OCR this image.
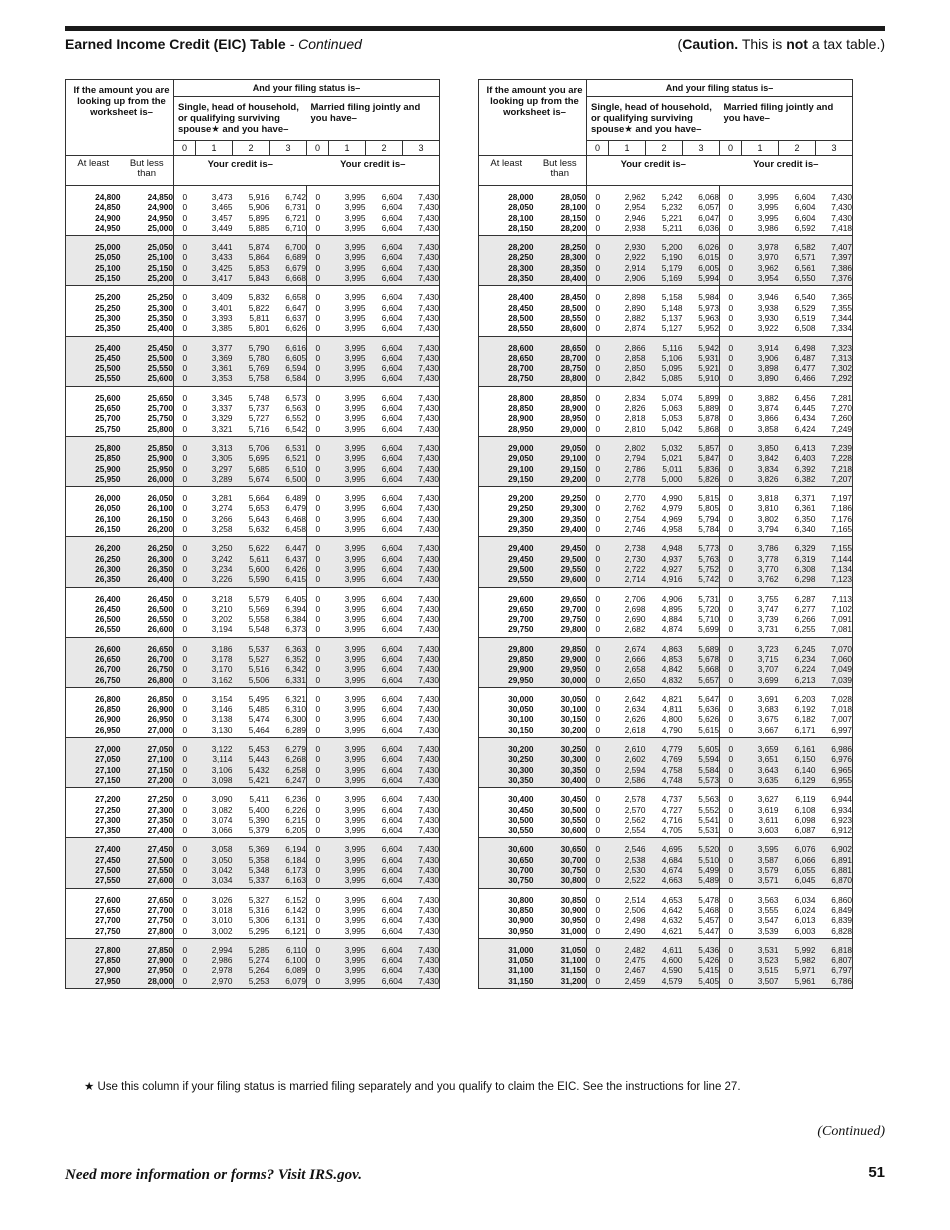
Earned Income Credit (EIC) Table - Continued	(Caution. This is not a tax table.)
If the amount you are looking up from the worksheet is–		And your filing status is–							
		Single, head of household, or qualifying surviving spouse★ and you have–				Married filing jointly and you have–			
		0	1	2	3	0	1	2	3
At least	But less than	Your credit is–				Your credit is–			
24,800	24,850	0	3,473	5,916	6,742	0	3,995	6,604	7,430
24,850	24,900	0	3,465	5,906	6,731	0	3,995	6,604	7,430
24,900	24,950	0	3,457	5,895	6,721	0	3,995	6,604	7,430
24,950	25,000	0	3,449	5,885	6,710	0	3,995	6,604	7,430
25,000	25,050	0	3,441	5,874	6,700	0	3,995	6,604	7,430
25,050	25,100	0	3,433	5,864	6,689	0	3,995	6,604	7,430
25,100	25,150	0	3,425	5,853	6,679	0	3,995	6,604	7,430
25,150	25,200	0	3,417	5,843	6,668	0	3,995	6,604	7,430
25,200	25,250	0	3,409	5,832	6,658	0	3,995	6,604	7,430
25,250	25,300	0	3,401	5,822	6,647	0	3,995	6,604	7,430
25,300	25,350	0	3,393	5,811	6,637	0	3,995	6,604	7,430
25,350	25,400	0	3,385	5,801	6,626	0	3,995	6,604	7,430
25,400	25,450	0	3,377	5,790	6,616	0	3,995	6,604	7,430
25,450	25,500	0	3,369	5,780	6,605	0	3,995	6,604	7,430
25,500	25,550	0	3,361	5,769	6,594	0	3,995	6,604	7,430
25,550	25,600	0	3,353	5,758	6,584	0	3,995	6,604	7,430
25,600	25,650	0	3,345	5,748	6,573	0	3,995	6,604	7,430
25,650	25,700	0	3,337	5,737	6,563	0	3,995	6,604	7,430
25,700	25,750	0	3,329	5,727	6,552	0	3,995	6,604	7,430
25,750	25,800	0	3,321	5,716	6,542	0	3,995	6,604	7,430
25,800	25,850	0	3,313	5,706	6,531	0	3,995	6,604	7,430
25,850	25,900	0	3,305	5,695	6,521	0	3,995	6,604	7,430
25,900	25,950	0	3,297	5,685	6,510	0	3,995	6,604	7,430
25,950	26,000	0	3,289	5,674	6,500	0	3,995	6,604	7,430
26,000	26,050	0	3,281	5,664	6,489	0	3,995	6,604	7,430
26,050	26,100	0	3,274	5,653	6,479	0	3,995	6,604	7,430
26,100	26,150	0	3,266	5,643	6,468	0	3,995	6,604	7,430
26,150	26,200	0	3,258	5,632	6,458	0	3,995	6,604	7,430
26,200	26,250	0	3,250	5,622	6,447	0	3,995	6,604	7,430
26,250	26,300	0	3,242	5,611	6,437	0	3,995	6,604	7,430
26,300	26,350	0	3,234	5,600	6,426	0	3,995	6,604	7,430
26,350	26,400	0	3,226	5,590	6,415	0	3,995	6,604	7,430
26,400	26,450	0	3,218	5,579	6,405	0	3,995	6,604	7,430
26,450	26,500	0	3,210	5,569	6,394	0	3,995	6,604	7,430
26,500	26,550	0	3,202	5,558	6,384	0	3,995	6,604	7,430
26,550	26,600	0	3,194	5,548	6,373	0	3,995	6,604	7,430
26,600	26,650	0	3,186	5,537	6,363	0	3,995	6,604	7,430
26,650	26,700	0	3,178	5,527	6,352	0	3,995	6,604	7,430
26,700	26,750	0	3,170	5,516	6,342	0	3,995	6,604	7,430
26,750	26,800	0	3,162	5,506	6,331	0	3,995	6,604	7,430
26,800	26,850	0	3,154	5,495	6,321	0	3,995	6,604	7,430
26,850	26,900	0	3,146	5,485	6,310	0	3,995	6,604	7,430
26,900	26,950	0	3,138	5,474	6,300	0	3,995	6,604	7,430
26,950	27,000	0	3,130	5,464	6,289	0	3,995	6,604	7,430
27,000	27,050	0	3,122	5,453	6,279	0	3,995	6,604	7,430
27,050	27,100	0	3,114	5,443	6,268	0	3,995	6,604	7,430
27,100	27,150	0	3,106	5,432	6,258	0	3,995	6,604	7,430
27,150	27,200	0	3,098	5,421	6,247	0	3,995	6,604	7,430
27,200	27,250	0	3,090	5,411	6,236	0	3,995	6,604	7,430
27,250	27,300	0	3,082	5,400	6,226	0	3,995	6,604	7,430
27,300	27,350	0	3,074	5,390	6,215	0	3,995	6,604	7,430
27,350	27,400	0	3,066	5,379	6,205	0	3,995	6,604	7,430
27,400	27,450	0	3,058	5,369	6,194	0	3,995	6,604	7,430
27,450	27,500	0	3,050	5,358	6,184	0	3,995	6,604	7,430
27,500	27,550	0	3,042	5,348	6,173	0	3,995	6,604	7,430
27,550	27,600	0	3,034	5,337	6,163	0	3,995	6,604	7,430
27,600	27,650	0	3,026	5,327	6,152	0	3,995	6,604	7,430
27,650	27,700	0	3,018	5,316	6,142	0	3,995	6,604	7,430
27,700	27,750	0	3,010	5,306	6,131	0	3,995	6,604	7,430
27,750	27,800	0	3,002	5,295	6,121	0	3,995	6,604	7,430
27,800	27,850	0	2,994	5,285	6,110	0	3,995	6,604	7,430
27,850	27,900	0	2,986	5,274	6,100	0	3,995	6,604	7,430
27,900	27,950	0	2,978	5,264	6,089	0	3,995	6,604	7,430
27,950	28,000	0	2,970	5,253	6,079	0	3,995	6,604	7,430
If the amount you are looking up from the worksheet is–		And your filing status is–							
		Single, head of household, or qualifying surviving spouse★ and you have–				Married filing jointly and you have–			
		0	1	2	3	0	1	2	3
At least	But less than	Your credit is–				Your credit is–			
28,000	28,050	0	2,962	5,242	6,068	0	3,995	6,604	7,430
28,050	28,100	0	2,954	5,232	6,057	0	3,995	6,604	7,430
28,100	28,150	0	2,946	5,221	6,047	0	3,995	6,604	7,430
28,150	28,200	0	2,938	5,211	6,036	0	3,986	6,592	7,418
28,200	28,250	0	2,930	5,200	6,026	0	3,978	6,582	7,407
28,250	28,300	0	2,922	5,190	6,015	0	3,970	6,571	7,397
28,300	28,350	0	2,914	5,179	6,005	0	3,962	6,561	7,386
28,350	28,400	0	2,906	5,169	5,994	0	3,954	6,550	7,376
28,400	28,450	0	2,898	5,158	5,984	0	3,946	6,540	7,365
28,450	28,500	0	2,890	5,148	5,973	0	3,938	6,529	7,355
28,500	28,550	0	2,882	5,137	5,963	0	3,930	6,519	7,344
28,550	28,600	0	2,874	5,127	5,952	0	3,922	6,508	7,334
28,600	28,650	0	2,866	5,116	5,942	0	3,914	6,498	7,323
28,650	28,700	0	2,858	5,106	5,931	0	3,906	6,487	7,313
28,700	28,750	0	2,850	5,095	5,921	0	3,898	6,477	7,302
28,750	28,800	0	2,842	5,085	5,910	0	3,890	6,466	7,292
28,800	28,850	0	2,834	5,074	5,899	0	3,882	6,456	7,281
28,850	28,900	0	2,826	5,063	5,889	0	3,874	6,445	7,270
28,900	28,950	0	2,818	5,053	5,878	0	3,866	6,434	7,260
28,950	29,000	0	2,810	5,042	5,868	0	3,858	6,424	7,249
29,000	29,050	0	2,802	5,032	5,857	0	3,850	6,413	7,239
29,050	29,100	0	2,794	5,021	5,847	0	3,842	6,403	7,228
29,100	29,150	0	2,786	5,011	5,836	0	3,834	6,392	7,218
29,150	29,200	0	2,778	5,000	5,826	0	3,826	6,382	7,207
29,200	29,250	0	2,770	4,990	5,815	0	3,818	6,371	7,197
29,250	29,300	0	2,762	4,979	5,805	0	3,810	6,361	7,186
29,300	29,350	0	2,754	4,969	5,794	0	3,802	6,350	7,176
29,350	29,400	0	2,746	4,958	5,784	0	3,794	6,340	7,165
29,400	29,450	0	2,738	4,948	5,773	0	3,786	6,329	7,155
29,450	29,500	0	2,730	4,937	5,763	0	3,778	6,319	7,144
29,500	29,550	0	2,722	4,927	5,752	0	3,770	6,308	7,134
29,550	29,600	0	2,714	4,916	5,742	0	3,762	6,298	7,123
29,600	29,650	0	2,706	4,906	5,731	0	3,755	6,287	7,113
29,650	29,700	0	2,698	4,895	5,720	0	3,747	6,277	7,102
29,700	29,750	0	2,690	4,884	5,710	0	3,739	6,266	7,091
29,750	29,800	0	2,682	4,874	5,699	0	3,731	6,255	7,081
29,800	29,850	0	2,674	4,863	5,689	0	3,723	6,245	7,070
29,850	29,900	0	2,666	4,853	5,678	0	3,715	6,234	7,060
29,900	29,950	0	2,658	4,842	5,668	0	3,707	6,224	7,049
29,950	30,000	0	2,650	4,832	5,657	0	3,699	6,213	7,039
30,000	30,050	0	2,642	4,821	5,647	0	3,691	6,203	7,028
30,050	30,100	0	2,634	4,811	5,636	0	3,683	6,192	7,018
30,100	30,150	0	2,626	4,800	5,626	0	3,675	6,182	7,007
30,150	30,200	0	2,618	4,790	5,615	0	3,667	6,171	6,997
30,200	30,250	0	2,610	4,779	5,605	0	3,659	6,161	6,986
30,250	30,300	0	2,602	4,769	5,594	0	3,651	6,150	6,976
30,300	30,350	0	2,594	4,758	5,584	0	3,643	6,140	6,965
30,350	30,400	0	2,586	4,748	5,573	0	3,635	6,129	6,955
30,400	30,450	0	2,578	4,737	5,563	0	3,627	6,119	6,944
30,450	30,500	0	2,570	4,727	5,552	0	3,619	6,108	6,934
30,500	30,550	0	2,562	4,716	5,541	0	3,611	6,098	6,923
30,550	30,600	0	2,554	4,705	5,531	0	3,603	6,087	6,912
30,600	30,650	0	2,546	4,695	5,520	0	3,595	6,076	6,902
30,650	30,700	0	2,538	4,684	5,510	0	3,587	6,066	6,891
30,700	30,750	0	2,530	4,674	5,499	0	3,579	6,055	6,881
30,750	30,800	0	2,522	4,663	5,489	0	3,571	6,045	6,870
30,800	30,850	0	2,514	4,653	5,478	0	3,563	6,034	6,860
30,850	30,900	0	2,506	4,642	5,468	0	3,555	6,024	6,849
30,900	30,950	0	2,498	4,632	5,457	0	3,547	6,013	6,839
30,950	31,000	0	2,490	4,621	5,447	0	3,539	6,003	6,828
31,000	31,050	0	2,482	4,611	5,436	0	3,531	5,992	6,818
31,050	31,100	0	2,475	4,600	5,426	0	3,523	5,982	6,807
31,100	31,150	0	2,467	4,590	5,415	0	3,515	5,971	6,797
31,150	31,200	0	2,459	4,579	5,405	0	3,507	5,961	6,786
★ Use this column if your filing status is married filing separately and you qualify to claim the EIC. See the instructions for line 27.
(Continued)
Need more information or forms? Visit IRS.gov.	51
